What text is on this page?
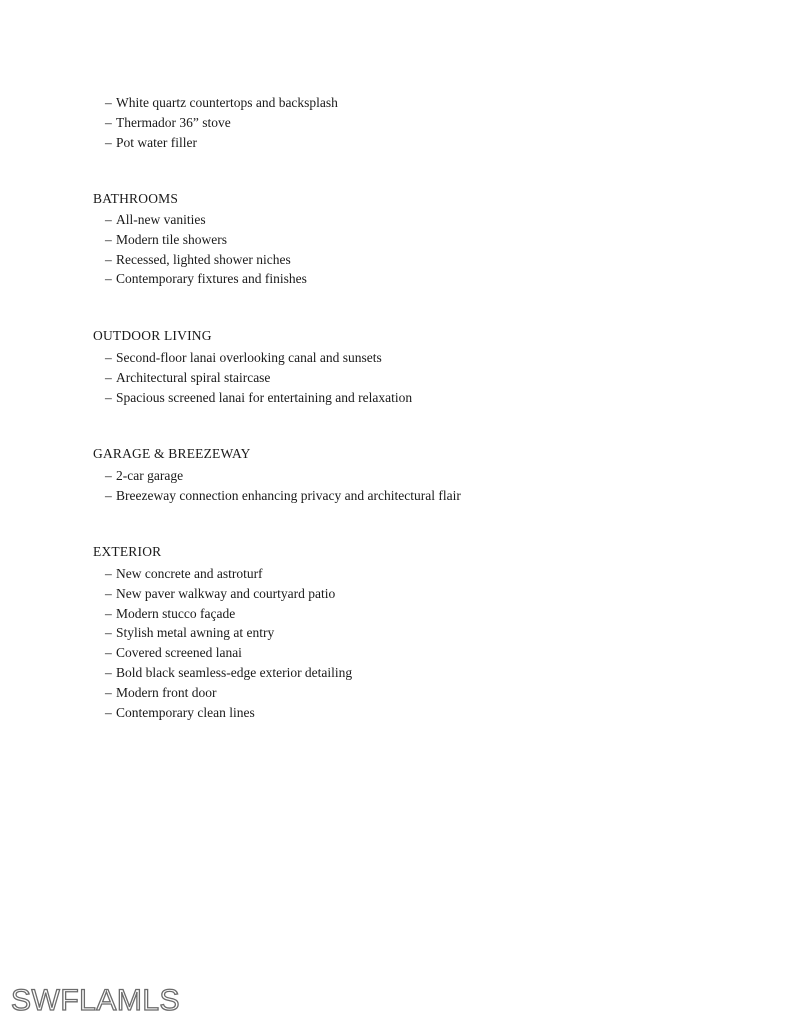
– White quartz countertops and backsplash
– Thermador 36” stove
– Pot water filler
BATHROOMS
– All-new vanities
– Modern tile showers
– Recessed, lighted shower niches
– Contemporary fixtures and finishes
OUTDOOR LIVING
– Second-floor lanai overlooking canal and sunsets
– Architectural spiral staircase
– Spacious screened lanai for entertaining and relaxation
GARAGE & BREEZEWAY
– 2-car garage
– Breezeway connection enhancing privacy and architectural flair
EXTERIOR
– New concrete and astroturf
– New paver walkway and courtyard patio
– Modern stucco façade
– Stylish metal awning at entry
– Covered screened lanai
– Bold black seamless-edge exterior detailing
– Modern front door
– Contemporary clean lines
SWFLAMLS
